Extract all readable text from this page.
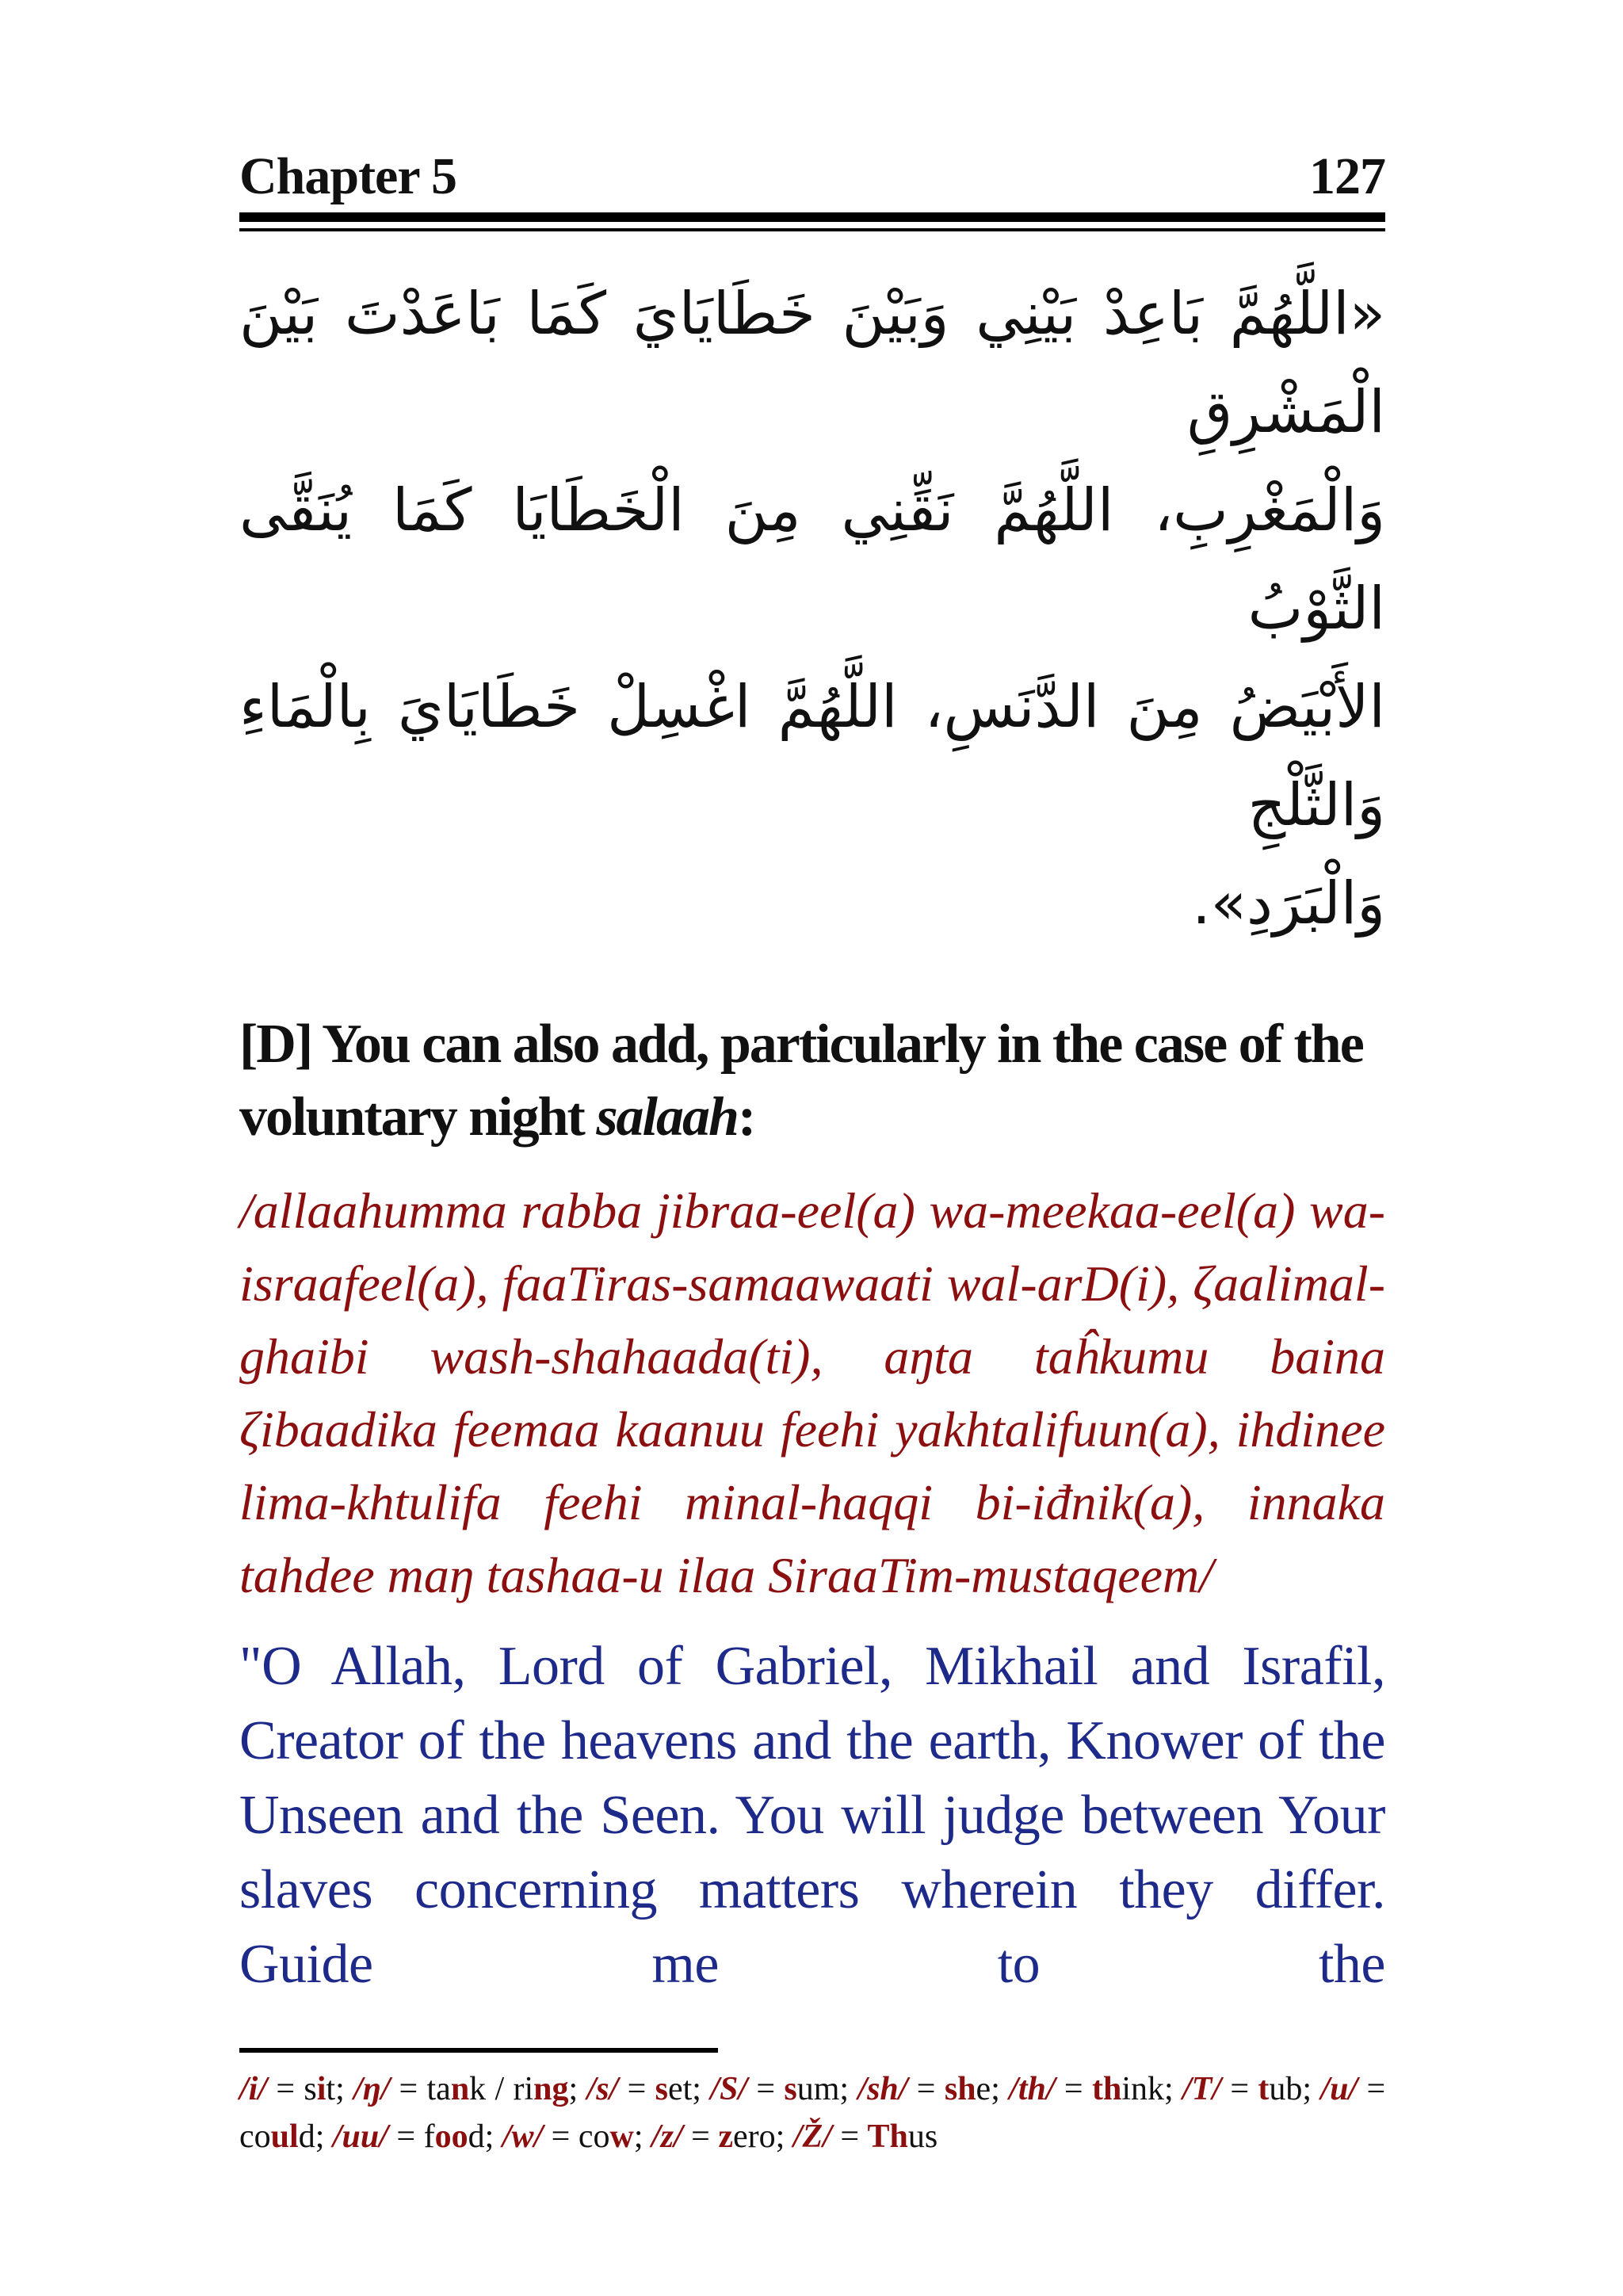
Chapter 5	127
«اللَّهُمَّ بَاعِدْ بَيْنِي وَبَيْنَ خَطَايَايَ كَمَا بَاعَدْتَ بَيْنَ الْمَشْرِقِ
وَالْمَغْرِبِ، اللَّهُمَّ نَقِّنِي مِنَ الْخَطَايَا كَمَا يُنَقَّى الثَّوْبُ
الأَبْيَضُ مِنَ الدَّنَسِ، اللَّهُمَّ اغْسِلْ خَطَايَايَ بِالْمَاءِ وَالثَّلْجِ
وَالْبَرَدِ».
[D] You can also add, particularly in the case of the voluntary night salaah:
/allaahumma rabba jibraa-eel(a) wa-meekaa-eel(a) wa-israafeel(a), faaTiras-samaawaati wal-arD(i), ζaalimal-ghaibi wash-shahaada(ti), aŋta taĥkumu baina ζibaadika feemaa kaanuu feehi yakhtalifuun(a), ihdinee lima-khtulifa feehi minal-haqqi bi-iđnik(a), innaka tahdee maŋ tashaa-u ilaa SiraaTim-mustaqeem/
"O Allah, Lord of Gabriel, Mikhail and Israfil, Creator of the heavens and the earth, Knower of the Unseen and the Seen. You will judge between Your slaves concerning matters wherein they differ. Guide me to the
/i/ = sit; /ŋ/ = tank / ring; /s/ = set; /S/ = sum; /sh/ = she; /th/ = think; /T/ = tub; /u/ = could; /uu/ = food; /w/ = cow; /z/ = zero; /Ž/ = Thus
